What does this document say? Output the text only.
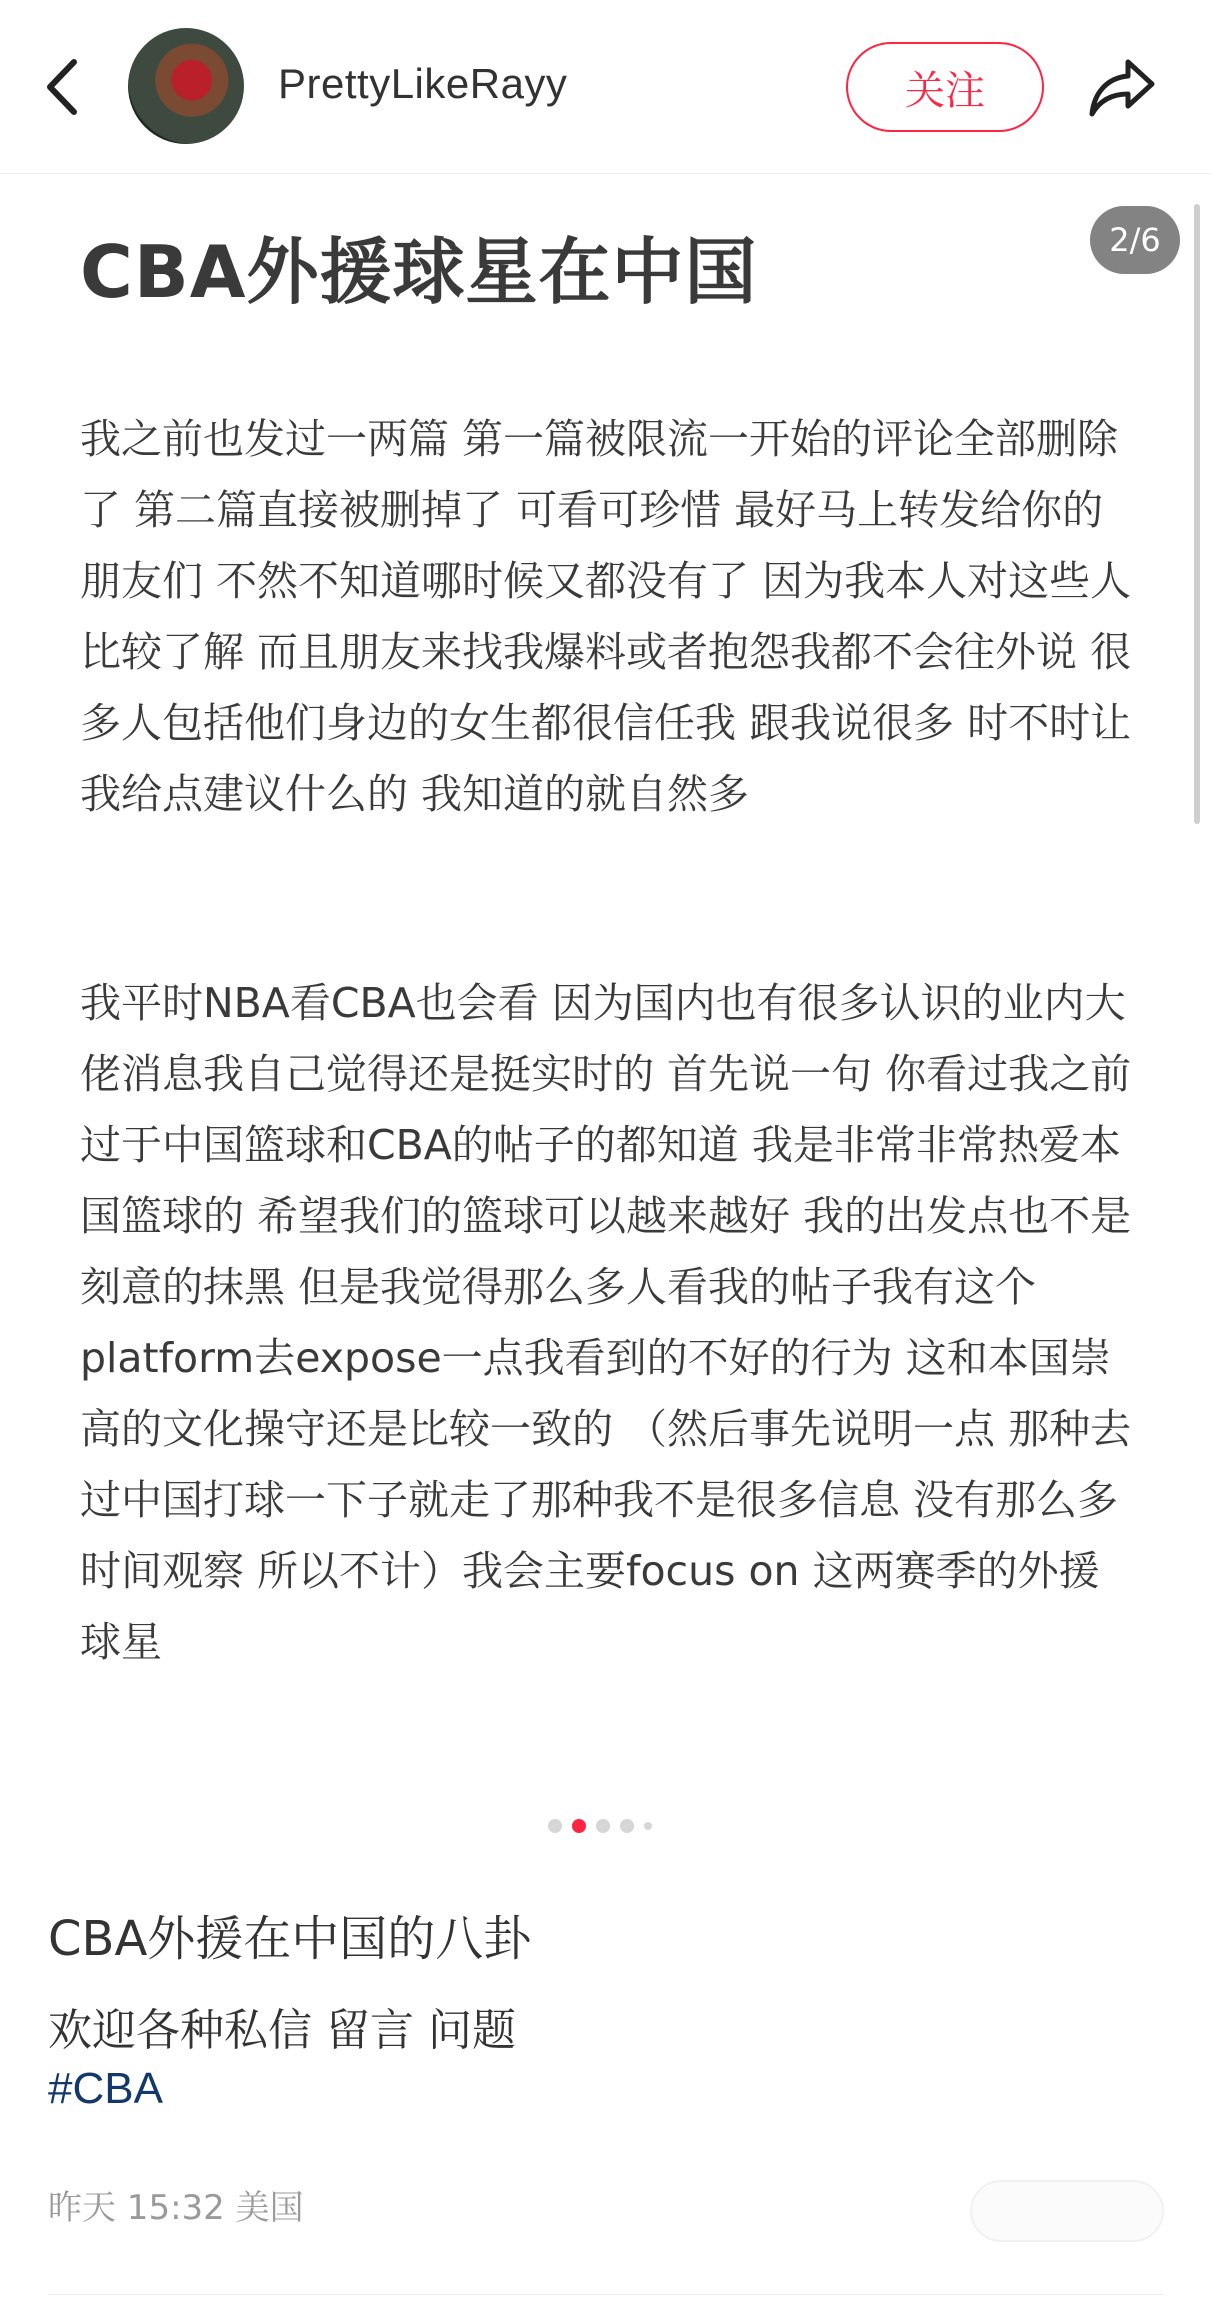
PrettyLikeRayy	关注
2/6
CBA外援球星在中国
我之前也发过一两篇 第一篇被限流一开始的评论全部删除了 第二篇直接被删掉了 可看可珍惜 最好马上转发给你的朋友们 不然不知道哪时候又都没有了 因为我本人对这些人比较了解 而且朋友来找我爆料或者抱怨我都不会往外说 很多人包括他们身边的女生都很信任我 跟我说很多 时不时让我给点建议什么的 我知道的就自然多
我平时NBA看CBA也会看 因为国内也有很多认识的业内大佬消息我自己觉得还是挺实时的 首先说一句 你看过我之前过于中国篮球和CBA的帖子的都知道 我是非常非常热爱本国篮球的 希望我们的篮球可以越来越好 我的出发点也不是刻意的抹黑 但是我觉得那么多人看我的帖子我有这个platform去expose一点我看到的不好的行为 这和本国崇高的文化操守还是比较一致的 （然后事先说明一点 那种去过中国打球一下子就走了那种我不是很多信息 没有那么多时间观察 所以不计）我会主要focus on 这两赛季的外援球星
CBA外援在中国的八卦
欢迎各种私信 留言 问题
#CBA
昨天 15:32 美国
